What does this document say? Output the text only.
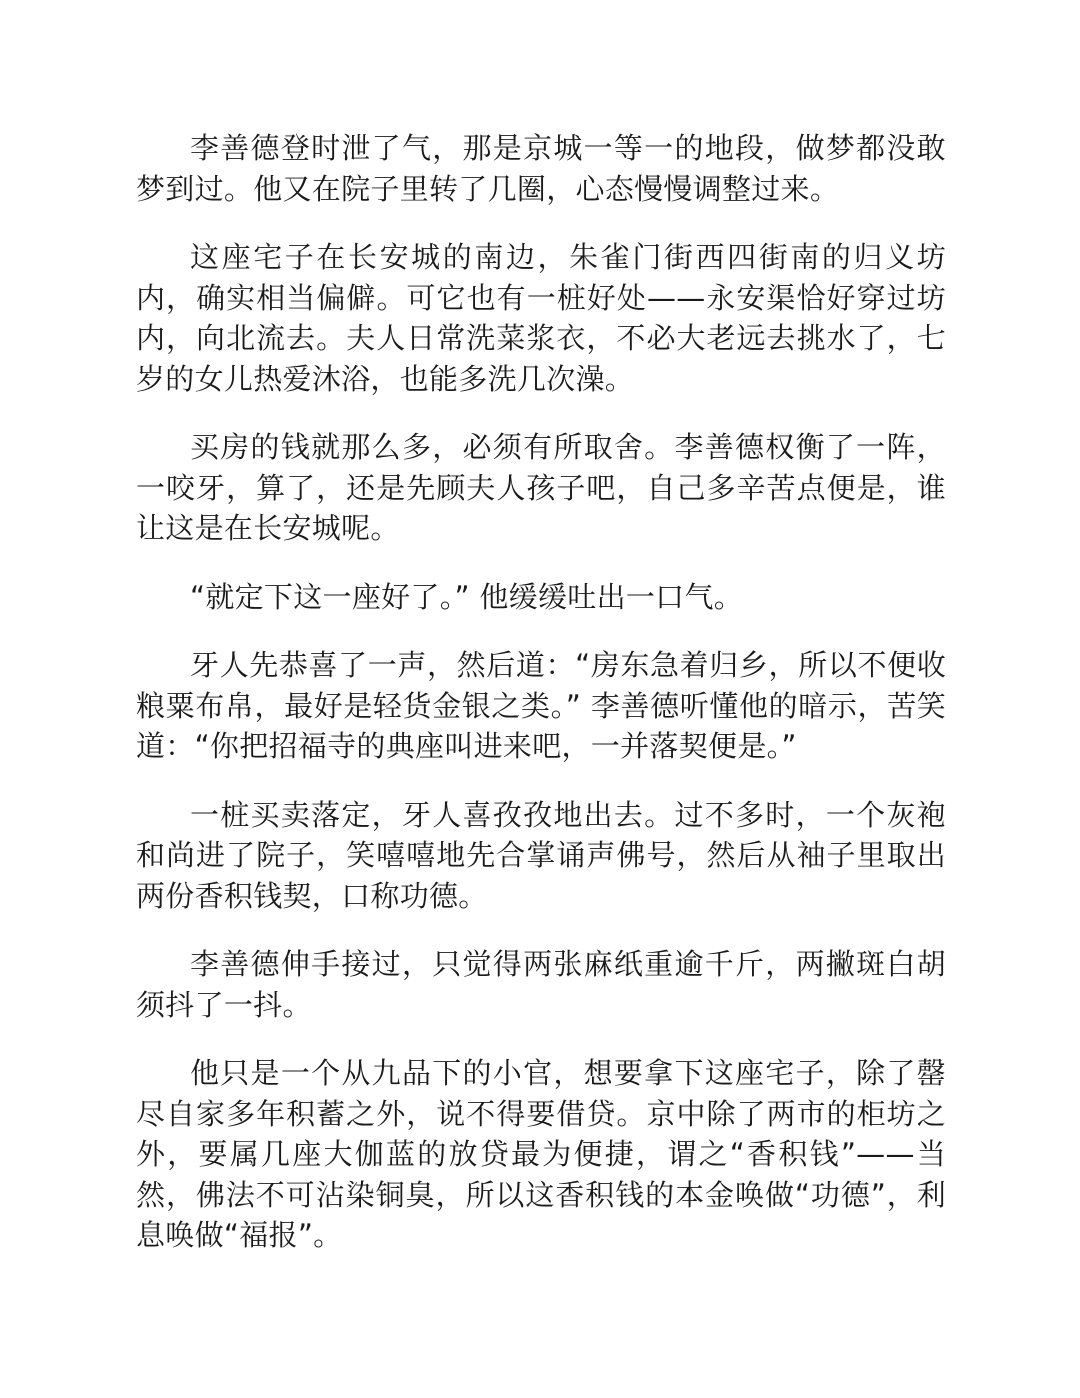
李善德登时泄了气，那是京城一等一的地段，做梦都没敢梦到过。他又在院子里转了几圈，心态慢慢调整过来。

这座宅子在长安城的南边，朱雀门街西四街南的归义坊内，确实相当偏僻。可它也有一桩好处——永安渠恰好穿过坊内，向北流去。夫人日常洗菜浆衣，不必大老远去挑水了，七岁的女儿热爱沐浴，也能多洗几次澡。

买房的钱就那么多，必须有所取舍。李善德权衡了一阵，一咬牙，算了，还是先顾夫人孩子吧，自己多辛苦点便是，谁让这是在长安城呢。

“就定下这一座好了。” 他缓缓吐出一口气。

牙人先恭喜了一声，然后道：“房东急着归乡，所以不便收粮粟布帛，最好是轻货金银之类。” 李善德听懂他的暗示，苦笑道：“你把招福寺的典座叫进来吧，一并落契便是。”

一桩买卖落定，牙人喜孜孜地出去。过不多时，一个灰袍和尚进了院子，笑嘻嘻地先合掌诵声佛号，然后从袖子里取出两份香积钱契，口称功德。

李善德伸手接过，只觉得两张麻纸重逾千斤，两撇斑白胡须抖了一抖。

他只是一个从九品下的小官，想要拿下这座宅子，除了罄尽自家多年积蓄之外，说不得要借贷。京中除了两市的柜坊之外，要属几座大伽蓝的放贷最为便捷，谓之“香积钱”——当然，佛法不可沾染铜臭，所以这香积钱的本金唤做“功德”，利息唤做“福报”。
